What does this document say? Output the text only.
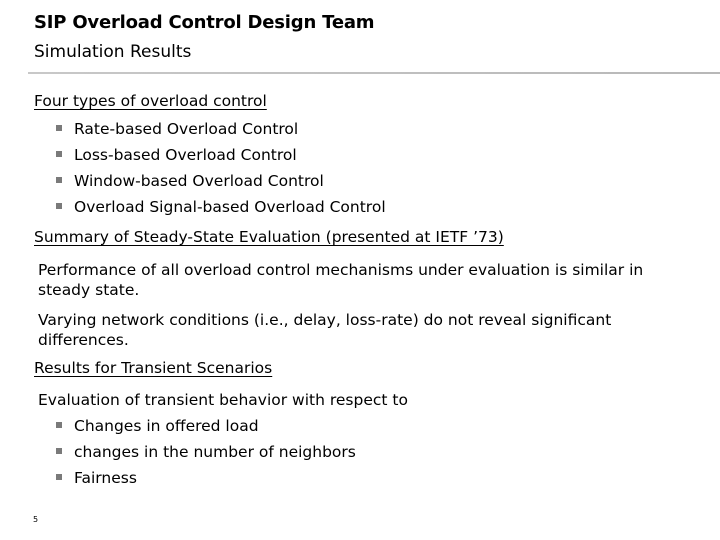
SIP Overload Control Design Team
Simulation Results
Four types of overload control
Rate-based Overload Control
Loss-based Overload Control
Window-based Overload Control
Overload Signal-based Overload Control
Summary of Steady-State Evaluation (presented at IETF ’73)
Performance of all overload control mechanisms under evaluation is similar in steady state.
Varying network conditions (i.e., delay, loss-rate) do not reveal significant differences.
Results for Transient Scenarios
Evaluation of transient behavior with respect to
Changes in offered load
changes in the number of neighbors
Fairness
5
